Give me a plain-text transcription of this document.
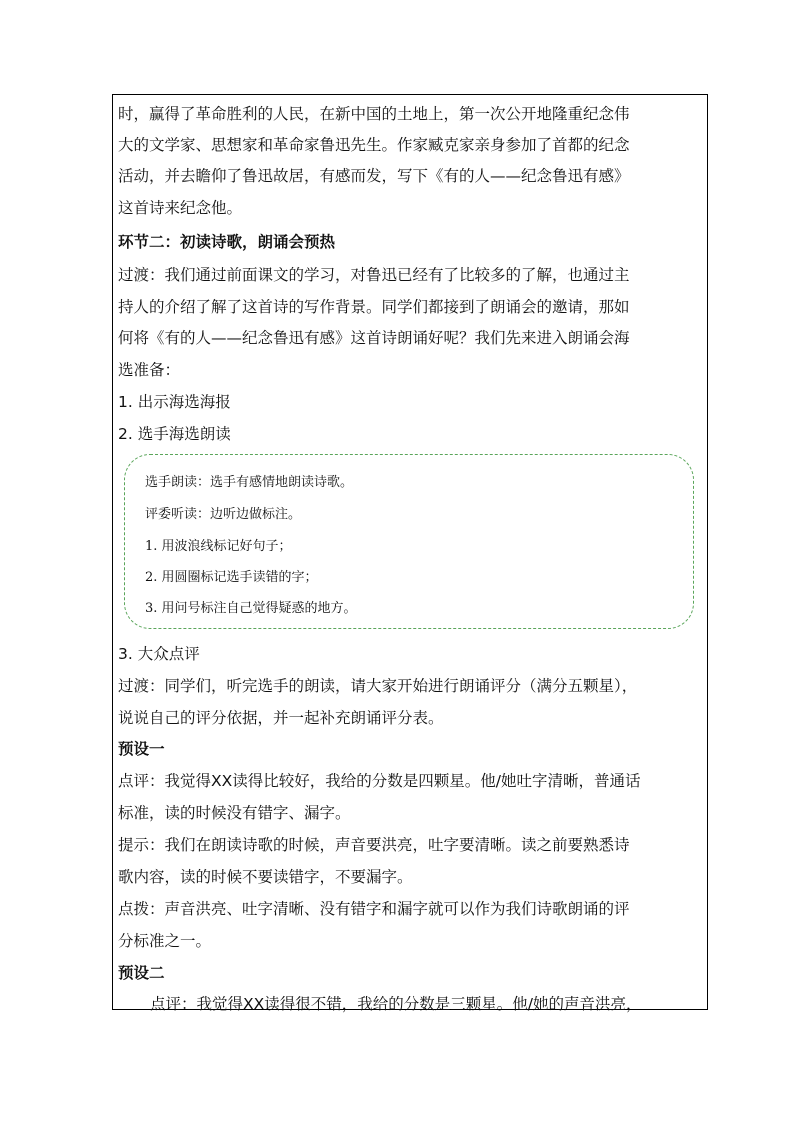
时，赢得了革命胜利的人民，在新中国的土地上，第一次公开地隆重纪念伟
大的文学家、思想家和革命家鲁迅先生。作家臧克家亲身参加了首都的纪念
活动，并去瞻仰了鲁迅故居，有感而发，写下《有的人——纪念鲁迅有感》
这首诗来纪念他。
环节二：初读诗歌，朗诵会预热
过渡：我们通过前面课文的学习，对鲁迅已经有了比较多的了解，也通过主
持人的介绍了解了这首诗的写作背景。同学们都接到了朗诵会的邀请，那如
何将《有的人——纪念鲁迅有感》这首诗朗诵好呢？我们先来进入朗诵会海
选准备：
1. 出示海选海报
2. 选手海选朗读
选手朗读：选手有感情地朗读诗歌。
评委听读：边听边做标注。
1. 用波浪线标记好句子；
2. 用圆圈标记选手读错的字；
3. 用问号标注自己觉得疑惑的地方。
3. 大众点评
过渡：同学们，听完选手的朗读，请大家开始进行朗诵评分（满分五颗星），
说说自己的评分依据，并一起补充朗诵评分表。
预设一
点评：我觉得XX读得比较好，我给的分数是四颗星。他/她吐字清晰，普通话
标准，读的时候没有错字、漏字。
提示：我们在朗读诗歌的时候，声音要洪亮，吐字要清晰。读之前要熟悉诗
歌内容，读的时候不要读错字，不要漏字。
点拨：声音洪亮、吐字清晰、没有错字和漏字就可以作为我们诗歌朗诵的评
分标准之一。
预设二
点评：我觉得XX读得很不错，我给的分数是三颗星。他/她的声音洪亮，
